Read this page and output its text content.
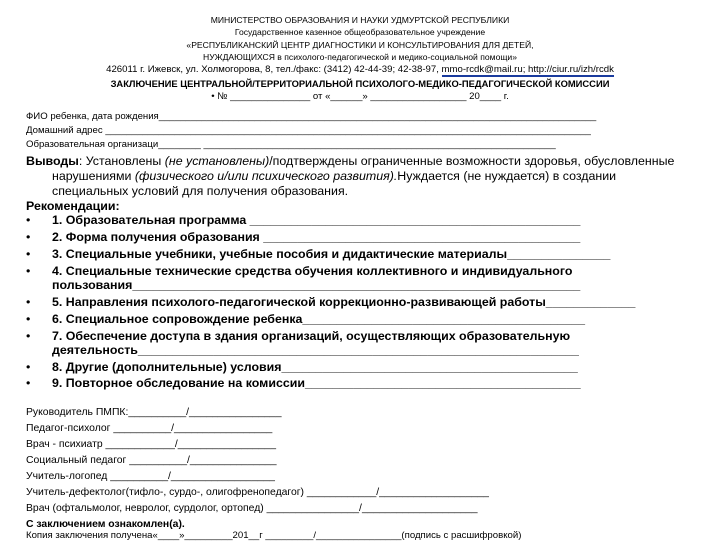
МИНИСТЕРСТВО ОБРАЗОВАНИЯ И НАУКИ УДМУРТСКОЙ РЕСПУБЛИКИ
Государственное казенное общеобразовательное учреждение
«РЕСПУБЛИКАНСКИЙ ЦЕНТР ДИАГНОСТИКИ И КОНСУЛЬТИРОВАНИЯ ДЛЯ ДЕТЕЙ,
НУЖДАЮЩИХСЯ в психолого-педагогической и медико-социальной помощи»
426011 г. Ижевск, ул. Холмогорова, 8, тел./факс: (3412) 42-44-39; 42-38-97, mmo-rcdk@mail.ru; http://ciur.ru/izh/rcdk
ЗАКЛЮЧЕНИЕ ЦЕНТРАЛЬНОЙ/ТЕРРИТОРИАЛЬНОЙ ПСИХОЛОГО-МЕДИКО-ПЕДАГОГИЧЕСКОЙ КОМИССИИ
• № _______________ от «______» __________________ 20____ г.
ФИО ребенка, дата рождения__________________________________________________________________________________
Домашний адрес ___________________________________________________________________________________________
Образовательная организаци________ __________________________________________________________________
Выводы: Установлены (не установлены)/подтверждены ограниченные возможности здоровья, обусловленные
нарушениями (физического и/или психического развития).Нуждается (не нуждается) в создании
специальных условий для получения образования.
Рекомендации:
• 1. Образовательная программа ________________________________________________
• 2. Форма получения образования ______________________________________________
• 3. Специальные учебники, учебные пособия и дидактические материалы_______________
• 4. Специальные технические средства обучения коллективного и индивидуального
пользования_________________________________________________________________
• 5. Направления психолого-педагогической коррекционно-развивающей работы_____________
• 6. Специальное сопровождение ребенка_________________________________________
• 7. Обеспечение доступа в здания организаций, осуществляющих образовательную
деятельность________________________________________________________________
• 8. Другие (дополнительные) условия___________________________________________
• 9. Повторное обследование на комиссии________________________________________
Руководитель ПМПК:__________/________________
Педагог-психолог __________/_________________
Врач - психиатр ____________/_________________
Социальный педагог __________/_______________
Учитель-логопед __________/__________________
Учитель-дефектолог(тифло-, сурдо-, олигофренопедагог) ____________/___________________
Врач (офтальмолог, невролог, сурдолог, ортопед) ________________/____________________
С заключением ознакомлен(а).
Копия заключения получена«____»_________201__г _________/________________(подпись с расшифровкой)
